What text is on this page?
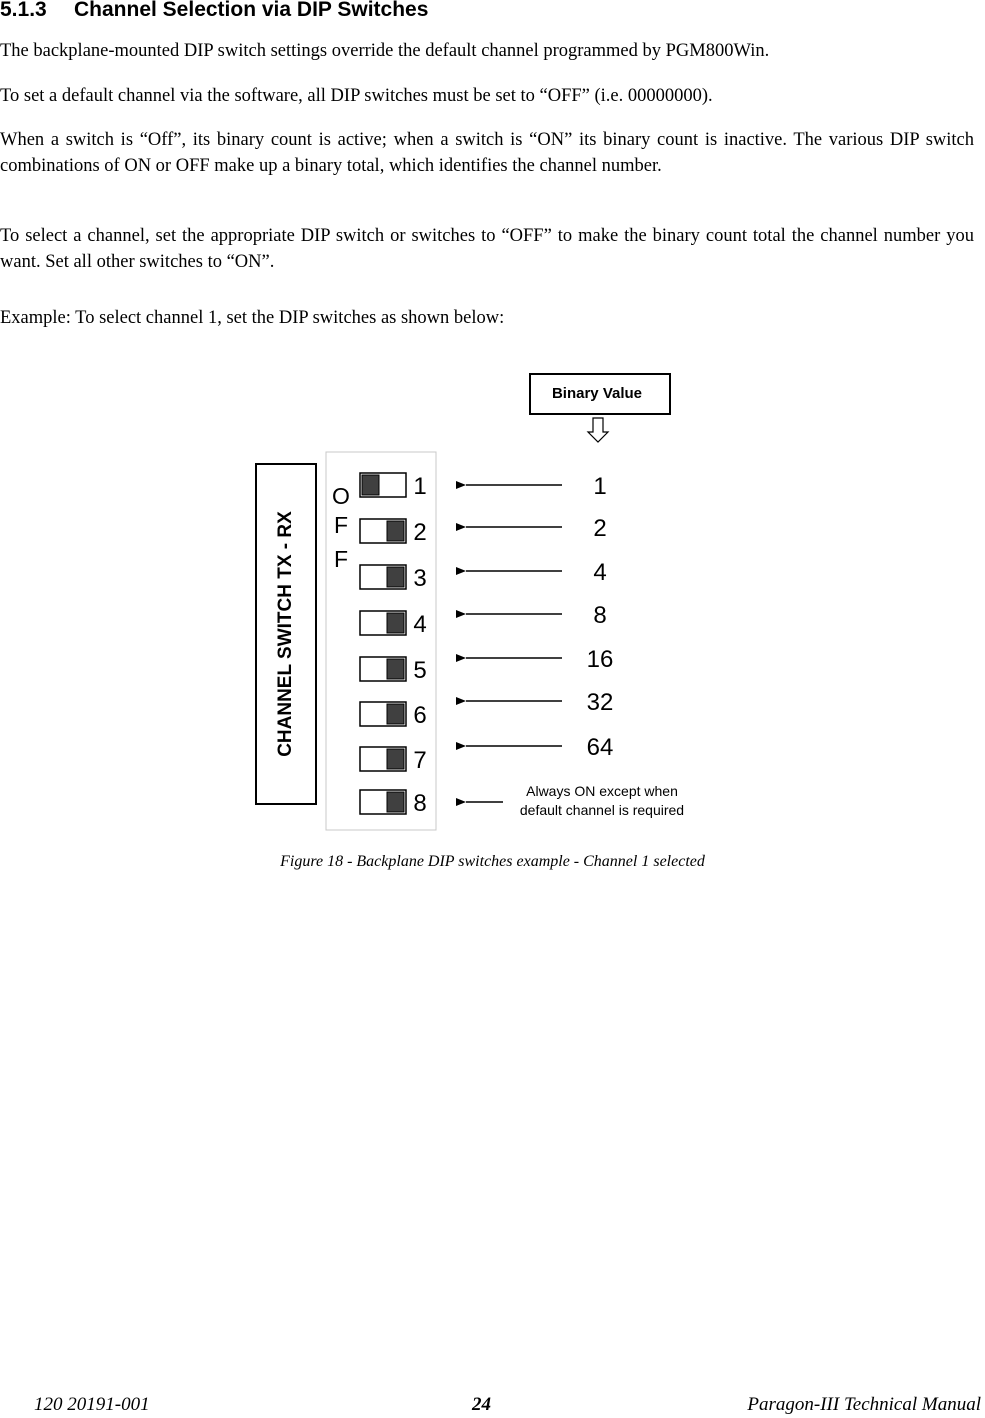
5.1.3 Channel Selection via DIP Switches

The backplane-mounted DIP switch settings override the default channel programmed by PGM800Win.

To set a default channel via the software, all DIP switches must be set to “OFF” (i.e. 00000000).

When a switch is “Off”, its binary count is active; when a switch is “ON” its binary count is inactive. The various DIP switch combinations of ON or OFF make up a binary total, which identifies the channel number.

To select a channel, set the appropriate DIP switch or switches to “OFF” to make the binary count total the channel number you want. Set all other switches to “ON”.

Example: To select channel 1, set the DIP switches as shown below:

Binary Value
CHANNEL SWITCH TX - RX
O
F
F
1
2
3
4
5
6
7
8
1
2
4
8
16
32
64
Always ON except when
default channel is required
Figure 18 - Backplane DIP switches example - Channel 1 selected
120 20191-001	24	Paragon-III Technical Manual
